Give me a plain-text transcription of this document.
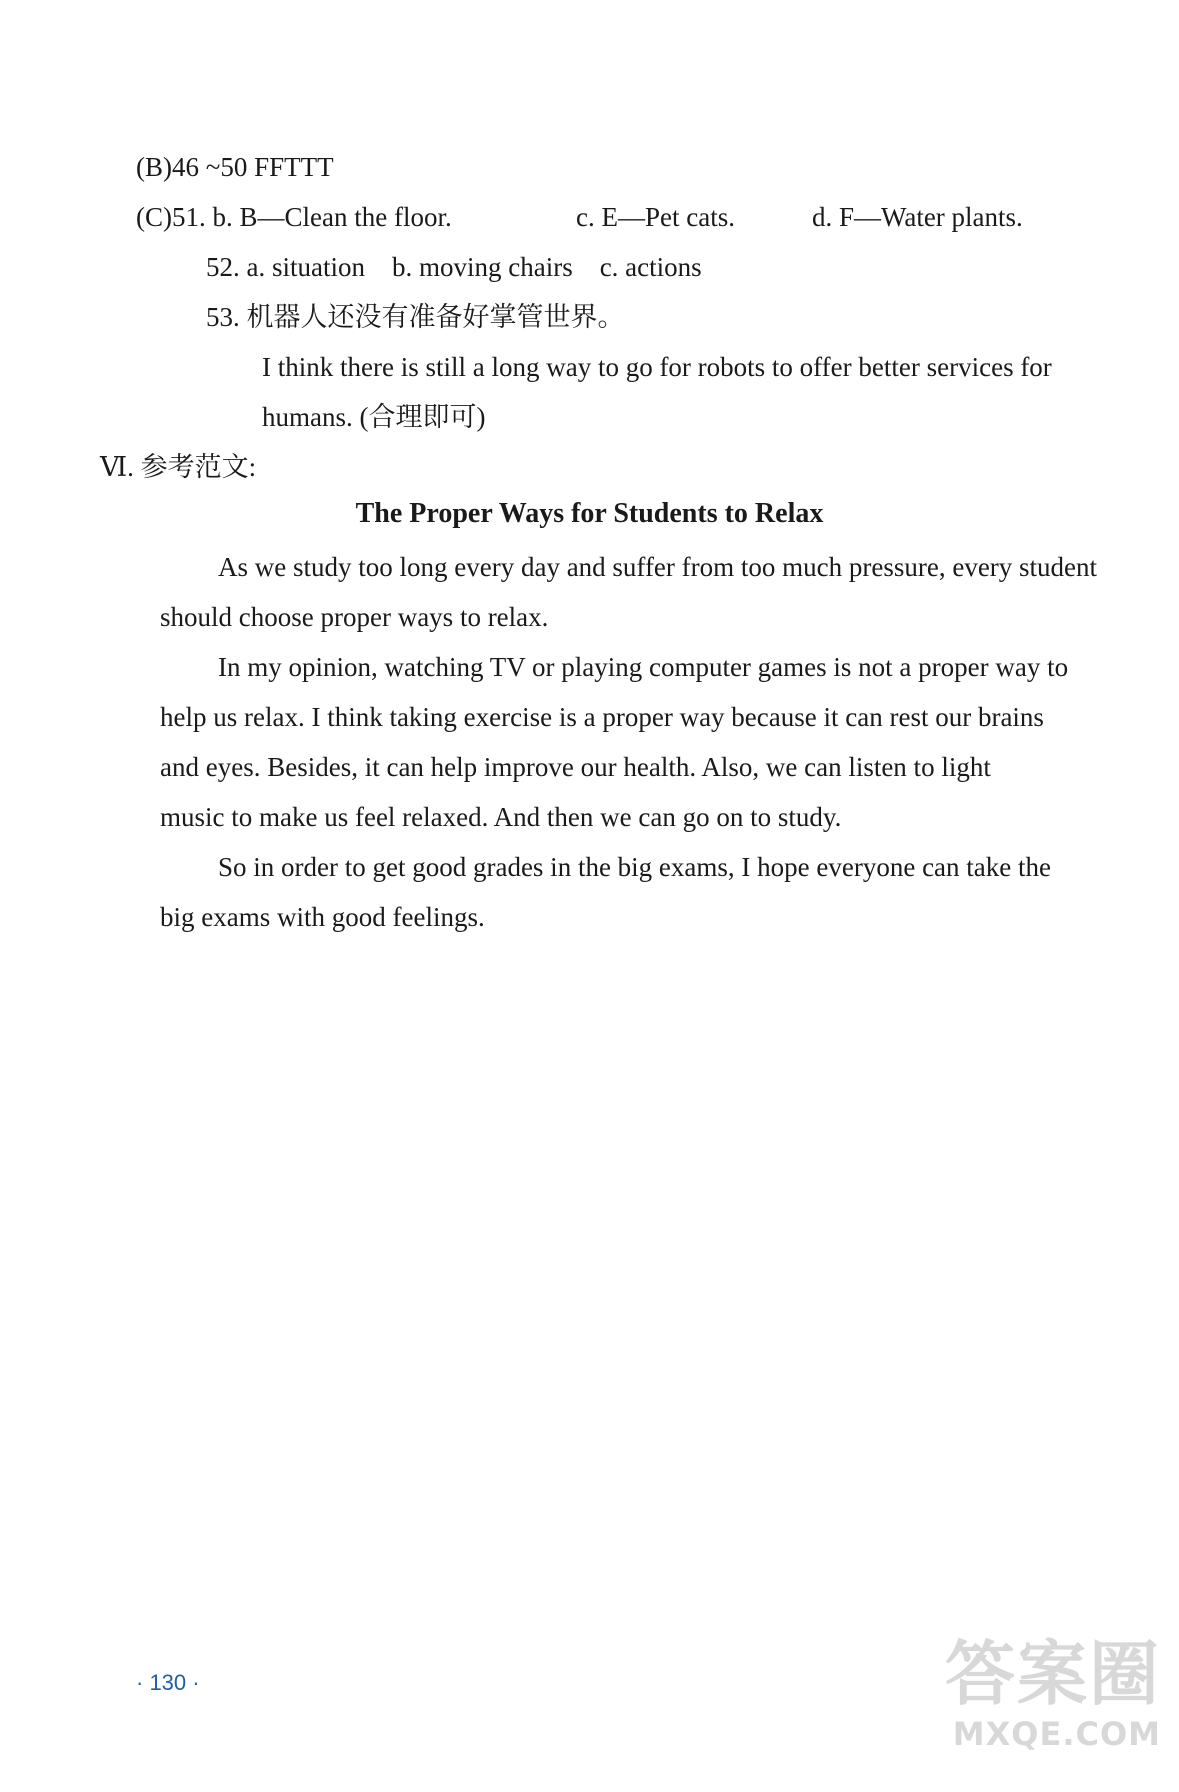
(B)46 ~50 FFTTT
(C)51. b. B—Clean the floor.	c. E—Pet cats.	d. F—Water plants.
52. a. situation    b. moving chairs    c. actions
53. 机器人还没有准备好掌管世界。
I think there is still a long way to go for robots to offer better services for
humans. (合理即可)
Ⅵ. 参考范文:
The Proper Ways for Students to Relax
As we study too long every day and suffer from too much pressure, every student
should choose proper ways to relax.
In my opinion, watching TV or playing computer games is not a proper way to
help us relax. I think taking exercise is a proper way because it can rest our brains
and eyes. Besides, it can help improve our health. Also, we can listen to light
music to make us feel relaxed. And then we can go on to study.
So in order to get good grades in the big exams, I hope everyone can take the
big exams with good feelings.
· 130 ·	答案圈
MXQE.COM
